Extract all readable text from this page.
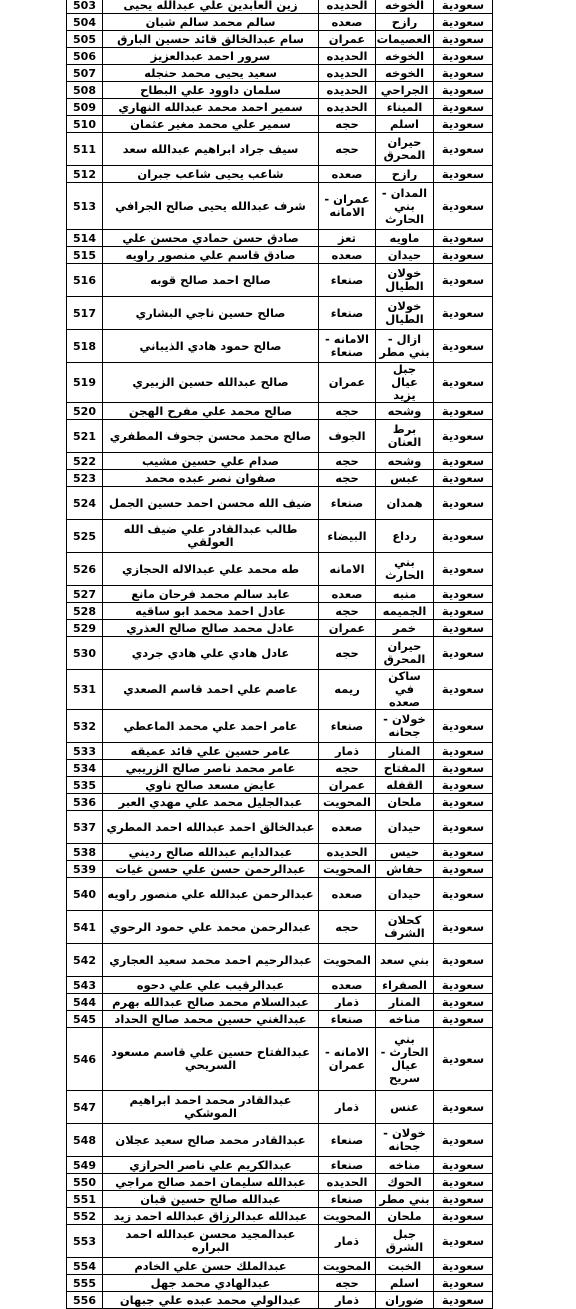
503	زين العابدين علي عبدالله يحيى	الحديده	الخوخه	سعودية
504	سالم محمد سالم شبان	صعده	رازح	سعودية
505	سام عبدالخالق قائد حسين البارق	عمران	العصيمات	سعودية
506	سرور احمد عبدالعزيز	الحديده	الخوخه	سعودية
507	سعيد يحيى محمد حنجله	الحديده	الخوخه	سعودية
508	سلمان داوود علي البطاح	الحديده	الجراحي	سعودية
509	سمير احمد محمد عبدالله النهاري	الحديده	الميناء	سعودية
510	سمير علي محمد مغير عثمان	حجه	اسلم	سعودية
511	سيف جراد ابراهيم عبدالله سعد	حجه	حيران المحرق	سعودية
512	شاعب يحيى شاعب جبران	صعده	رازح	سعودية
513	شرف عبدالله يحيى صالح الجرافي	عمران - الامانه	المدان - بني الحارث	سعودية
514	صادق حسن حمادي محسن علي	تعز	ماويه	سعودية
515	صادق قاسم علي منصور راويه	صعده	حيدان	سعودية
516	صالح احمد صالح قوبه	صنعاء	خولان الطيال	سعودية
517	صالح حسين ناجي البشاري	صنعاء	خولان الطيال	سعودية
518	صالح حمود هادي الذيباني	الامانه - صنعاء	ازال - بني مطر	سعودية
519	صالح عبدالله حسين الزبيري	عمران	جبل عيال يزيد	سعودية
520	صالح محمد علي مفرح الهجن	حجه	وشحه	سعودية
521	صالح محمد محسن جحوف المطفري	الجوف	برط العنان	سعودية
522	صدام علي حسين مشيب	حجه	وشحه	سعودية
523	صفوان نصر عبده محمد	حجه	عبس	سعودية
524	ضيف الله محسن احمد حسين الجمل	صنعاء	همدان	سعودية
525	طالب عبدالقادر علي ضيف الله العولقي	البيضاء	رداع	سعودية
526	طه محمد علي عبدالاله الحجازي	الامانه	بني الحارث	سعودية
527	عابد سالم محمد فرحان مانع	صعده	منبه	سعودية
528	عادل احمد محمد ابو ساقيه	حجه	الجميمه	سعودية
529	عادل محمد صالح صالح العذري	عمران	خمر	سعودية
530	عادل هادي علي هادي جردي	حجه	حيران المحرق	سعودية
531	عاصم علي احمد قاسم الصعدي	ريمه	ساكن في صعده	سعودية
532	عامر احمد علي محمد الماعطي	صنعاء	خولان - جحانه	سعودية
533	عامر حسين علي قائد عميقه	ذمار	المنار	سعودية
534	عامر محمد ناصر صالح الزريبي	حجه	المفتاح	سعودية
535	عايض مسعد صالح ناوي	عمران	القفله	سعودية
536	عبدالجليل محمد علي مهدي العبر	المحويت	ملحان	سعودية
537	عبدالخالق احمد عبدالله احمد المطري	صعده	حيدان	سعودية
538	عبدالدايم عبدالله صالح رديني	الحديده	حيس	سعودية
539	عبدالرحمن حسن علي حسن غيات	المحويت	حفاش	سعودية
540	عبدالرحمن عبدالله علي منصور راويه	صعده	حيدان	سعودية
541	عبدالرحمن محمد علي حمود الرحوي	حجه	كحلان الشرف	سعودية
542	عبدالرحيم احمد محمد سعيد العجاري	المحويت	بني سعد	سعودية
543	عبدالرقيب علي علي دحوه	صعده	الصفراء	سعودية
544	عبدالسلام محمد صالح عبدالله بهرم	ذمار	المنار	سعودية
545	عبدالغني حسين محمد صالح الحداد	صنعاء	مناخه	سعودية
546	عبدالفتاح حسين علي قاسم مسعود السريحي	الامانه - عمران	بني الحارث - عيال سريح	سعودية
547	عبدالقادر محمد احمد ابراهيم الموشكي	ذمار	عنس	سعودية
548	عبدالقادر محمد صالح سعيد عجلان	صنعاء	خولان - جحانه	سعودية
549	عبدالكريم علي ناصر الحرازي	صنعاء	مناخه	سعودية
550	عبدالله سليمان احمد صالح مراجي	الحديده	الحوك	سعودية
551	عبدالله صالح حسين قبان	صنعاء	بني مطر	سعودية
552	عبدالله عبدالرزاق عبدالله احمد زيد	المحويت	ملحان	سعودية
553	عبدالمجيد محسن عبدالله احمد البراره	ذمار	جبل الشرق	سعودية
554	عبدالملك حسن علي الخادم	المحويت	الخبت	سعودية
555	عبدالهادي محمد جهل	حجه	اسلم	سعودية
556	عبدالولي محمد عبده علي جبهان	ذمار	ضوران	سعودية
